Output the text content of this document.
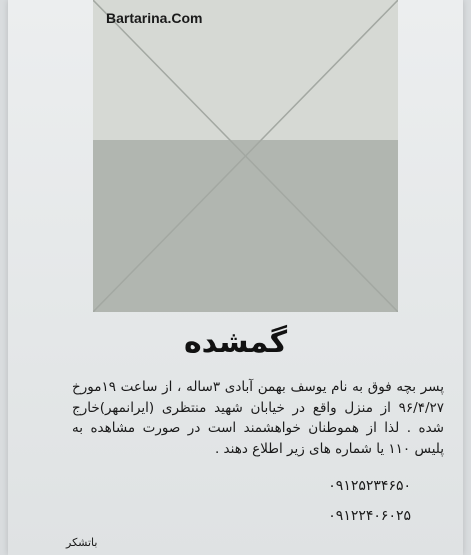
Bartarina.Com
گمشده
پسر بچه فوق به نام یوسف بهمن آبادی ۳ساله ، از ساعت ۱۹مورخ ۹۶/۴/۲۷ از منزل واقع در خیابان شهید منتظری (ایرانمهر)خارج شده . لذا از هموطنان خواهشمند است در صورت مشاهده به پلیس ۱۱۰ یا شماره های زیر اطلاع دهند .
۰۹۱۲۵۲۳۴۶۵۰
۰۹۱۲۲۴۰۶۰۲۵
باتشکر
